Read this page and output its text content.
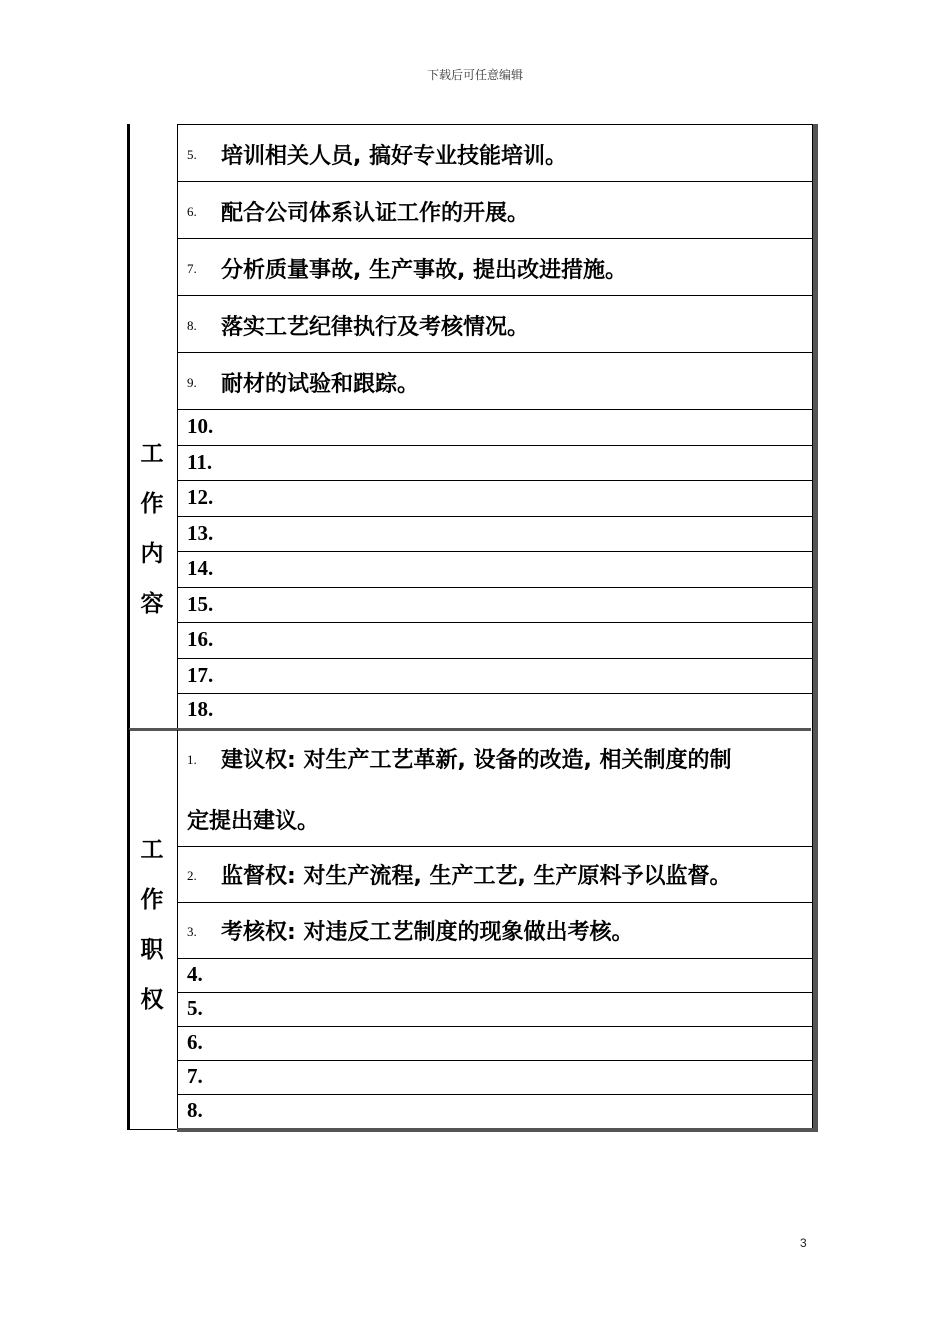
下载后可任意编辑
工
作
内
容
5. 培训相关人员, 搞好专业技能培训。
6. 配合公司体系认证工作的开展。
7. 分析质量事故, 生产事故, 提出改进措施。
8. 落实工艺纪律执行及考核情况。
9. 耐材的试验和跟踪。
10.
11.
12.
13.
14.
15.
16.
17.
18.
工
作
职
权
1. 建议权: 对生产工艺革新, 设备的改造, 相关制度的制
定提出建议。
2. 监督权: 对生产流程, 生产工艺, 生产原料予以监督。
3. 考核权: 对违反工艺制度的现象做出考核。
4.
5.
6.
7.
8.
3
